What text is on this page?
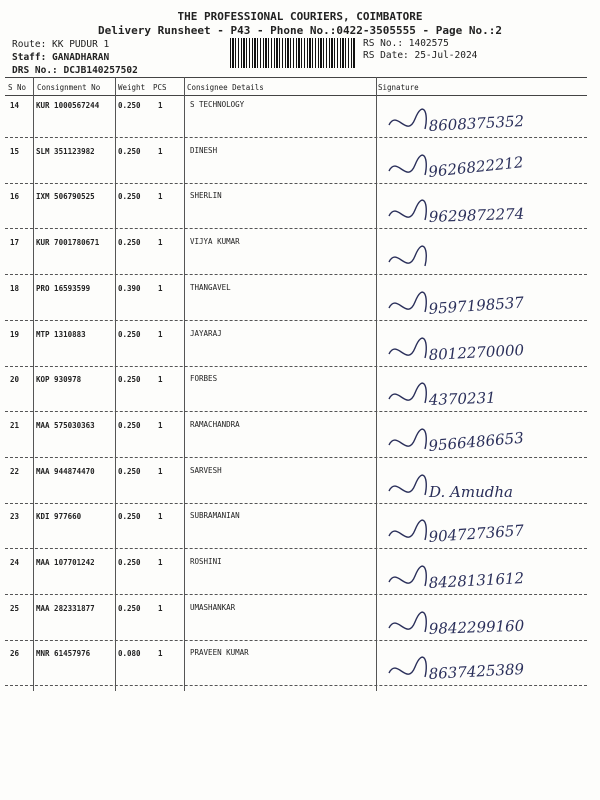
THE PROFESSIONAL COURIERS, COIMBATORE
Delivery Runsheet - P43 - Phone No.:0422-3505555 - Page No.:2
Route: KK PUDUR 1
Staff: GANADHARAN
DRS No.: DCJB140257502
RS No.: 1402575
RS Date: 25-Jul-2024
S No Consignment No Weight PCS	Consignee Details	Signature
14 KUR 1000567244	0.250 1	S TECHNOLOGY
8608375352
15 SLM 351123982	0.250 1	DINESH
9626822212
16 IXM 506790525	0.250 1	SHERLIN
9629872274
17 KUR 7001780671	0.250 1	VIJYA KUMAR
18 PRO 16593599	0.390 1	THANGAVEL
9597198537
19 MTP 1310883	0.250 1	JAYARAJ
8012270000
20 KOP 930978	0.250 1	FORBES
4370231
21 MAA 575030363	0.250 1	RAMACHANDRA
9566486653
22 MAA 944874470	0.250 1	SARVESH
D. Amudha
23 KDI 977660	0.250 1	SUBRAMANIAN
9047273657
24 MAA 107701242	0.250 1	ROSHINI
8428131612
25 MAA 282331877	0.250 1	UMASHANKAR
9842299160
26 MNR 61457976	0.080 1	PRAVEEN KUMAR
8637425389
